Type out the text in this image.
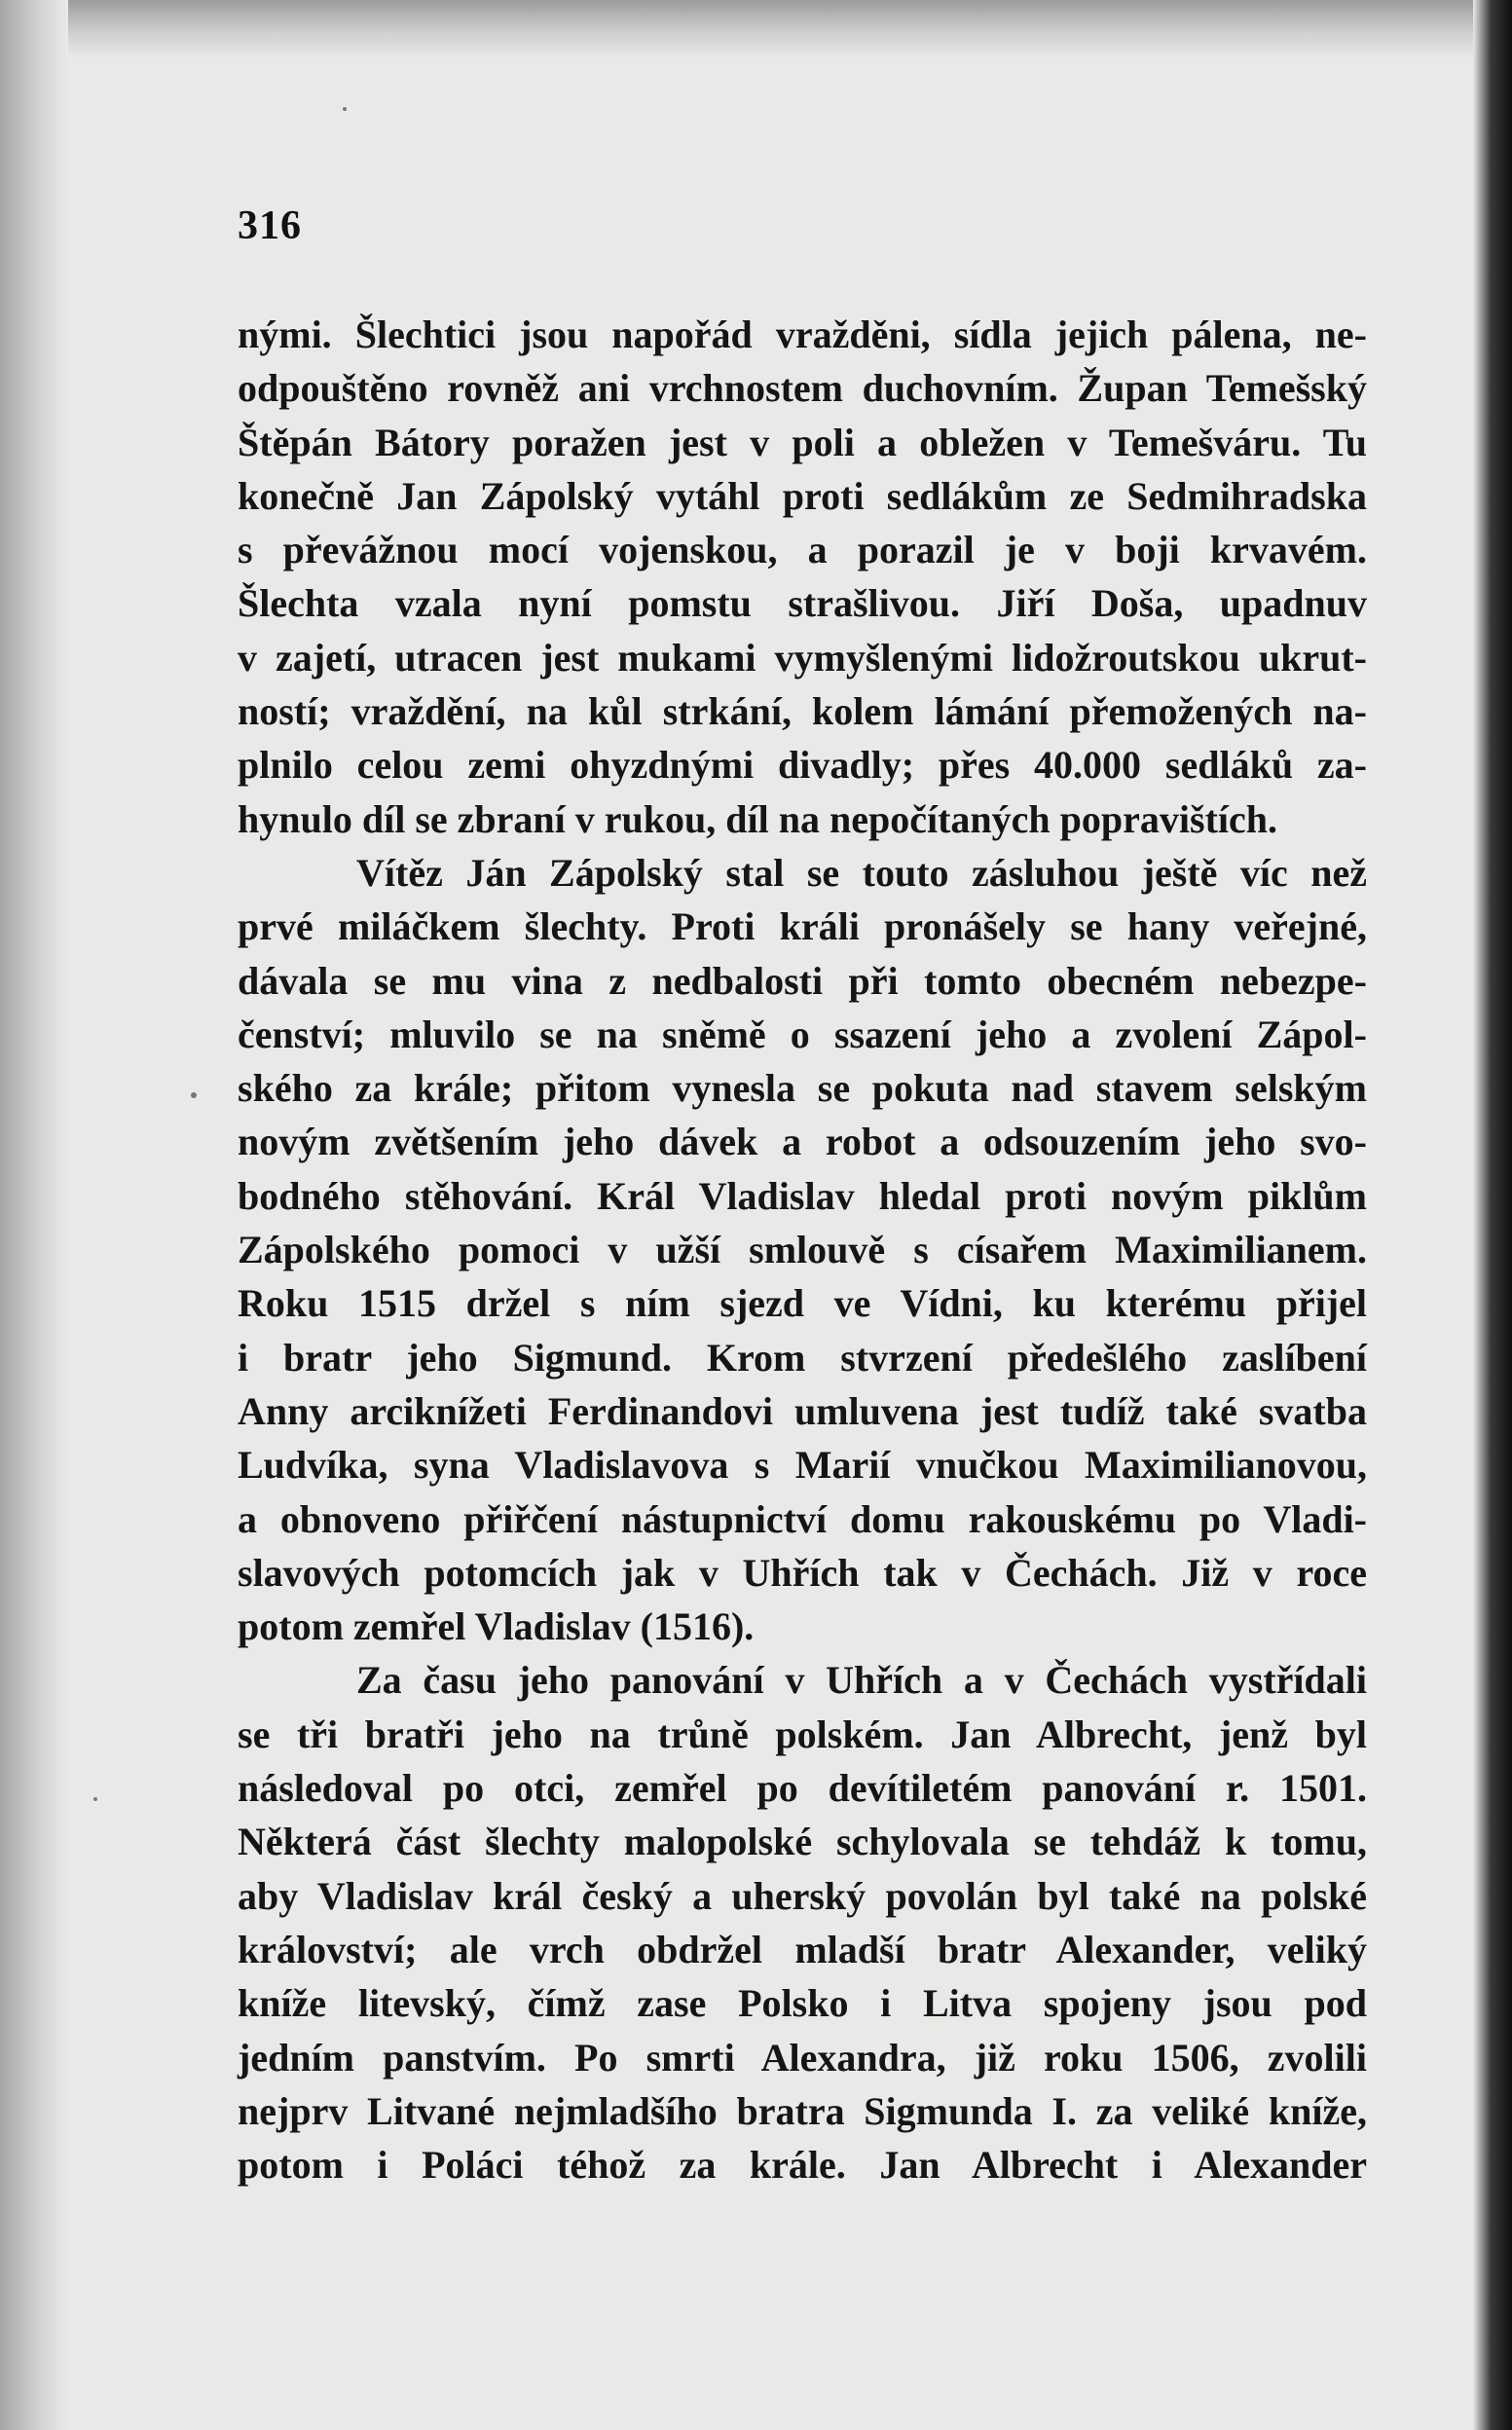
316
nými. Šlechtici jsou napořád vražděni, sídla jejich pálena, ne-
odpouštěno rovněž ani vrchnostem duchovním. Župan Temešský
Štěpán Bátory poražen jest v poli a obležen v Temešváru. Tu
konečně Jan Zápolský vytáhl proti sedlákům ze Sedmihradska
s převážnou mocí vojenskou, a porazil je v boji krvavém.
Šlechta vzala nyní pomstu strašlivou. Jiří Doša, upadnuv
v zajetí, utracen jest mukami vymyšlenými lidožroutskou ukrut-
ností; vraždění, na kůl strkání, kolem lámání přemožených na-
plnilo celou zemi ohyzdnými divadly; přes 40.000 sedláků za-
hynulo díl se zbraní v rukou, díl na nepočítaných popravištích.
Vítěz Ján Zápolský stal se touto zásluhou ještě víc než
prvé miláčkem šlechty. Proti králi pronášely se hany veřejné,
dávala se mu vina z nedbalosti při tomto obecném nebezpe-
čenství; mluvilo se na sněmě o ssazení jeho a zvolení Zápol-
ského za krále; přitom vynesla se pokuta nad stavem selským
novým zvětšením jeho dávek a robot a odsouzením jeho svo-
bodného stěhování. Král Vladislav hledal proti novým piklům
Zápolského pomoci v užší smlouvě s císařem Maximilianem.
Roku 1515 držel s ním sjezd ve Vídni, ku kterému přijel
i bratr jeho Sigmund. Krom stvrzení předešlého zaslíbení
Anny arciknížeti Ferdinandovi umluvena jest tudíž také svatba
Ludvíka, syna Vladislavova s Marií vnučkou Maximilianovou,
a obnoveno přiřčení nástupnictví domu rakouskému po Vladi-
slavových potomcích jak v Uhřích tak v Čechách. Již v roce
potom zemřel Vladislav (1516).
Za času jeho panování v Uhřích a v Čechách vystřídali
se tři bratři jeho na trůně polském. Jan Albrecht, jenž byl
následoval po otci, zemřel po devítiletém panování r. 1501.
Některá část šlechty malopolské schylovala se tehdáž k tomu,
aby Vladislav král český a uherský povolán byl také na polské
království; ale vrch obdržel mladší bratr Alexander, veliký
kníže litevský, čímž zase Polsko i Litva spojeny jsou pod
jedním panstvím. Po smrti Alexandra, již roku 1506, zvolili
nejprv Litvané nejmladšího bratra Sigmunda I. za veliké kníže,
potom i Poláci téhož za krále. Jan Albrecht i Alexander
